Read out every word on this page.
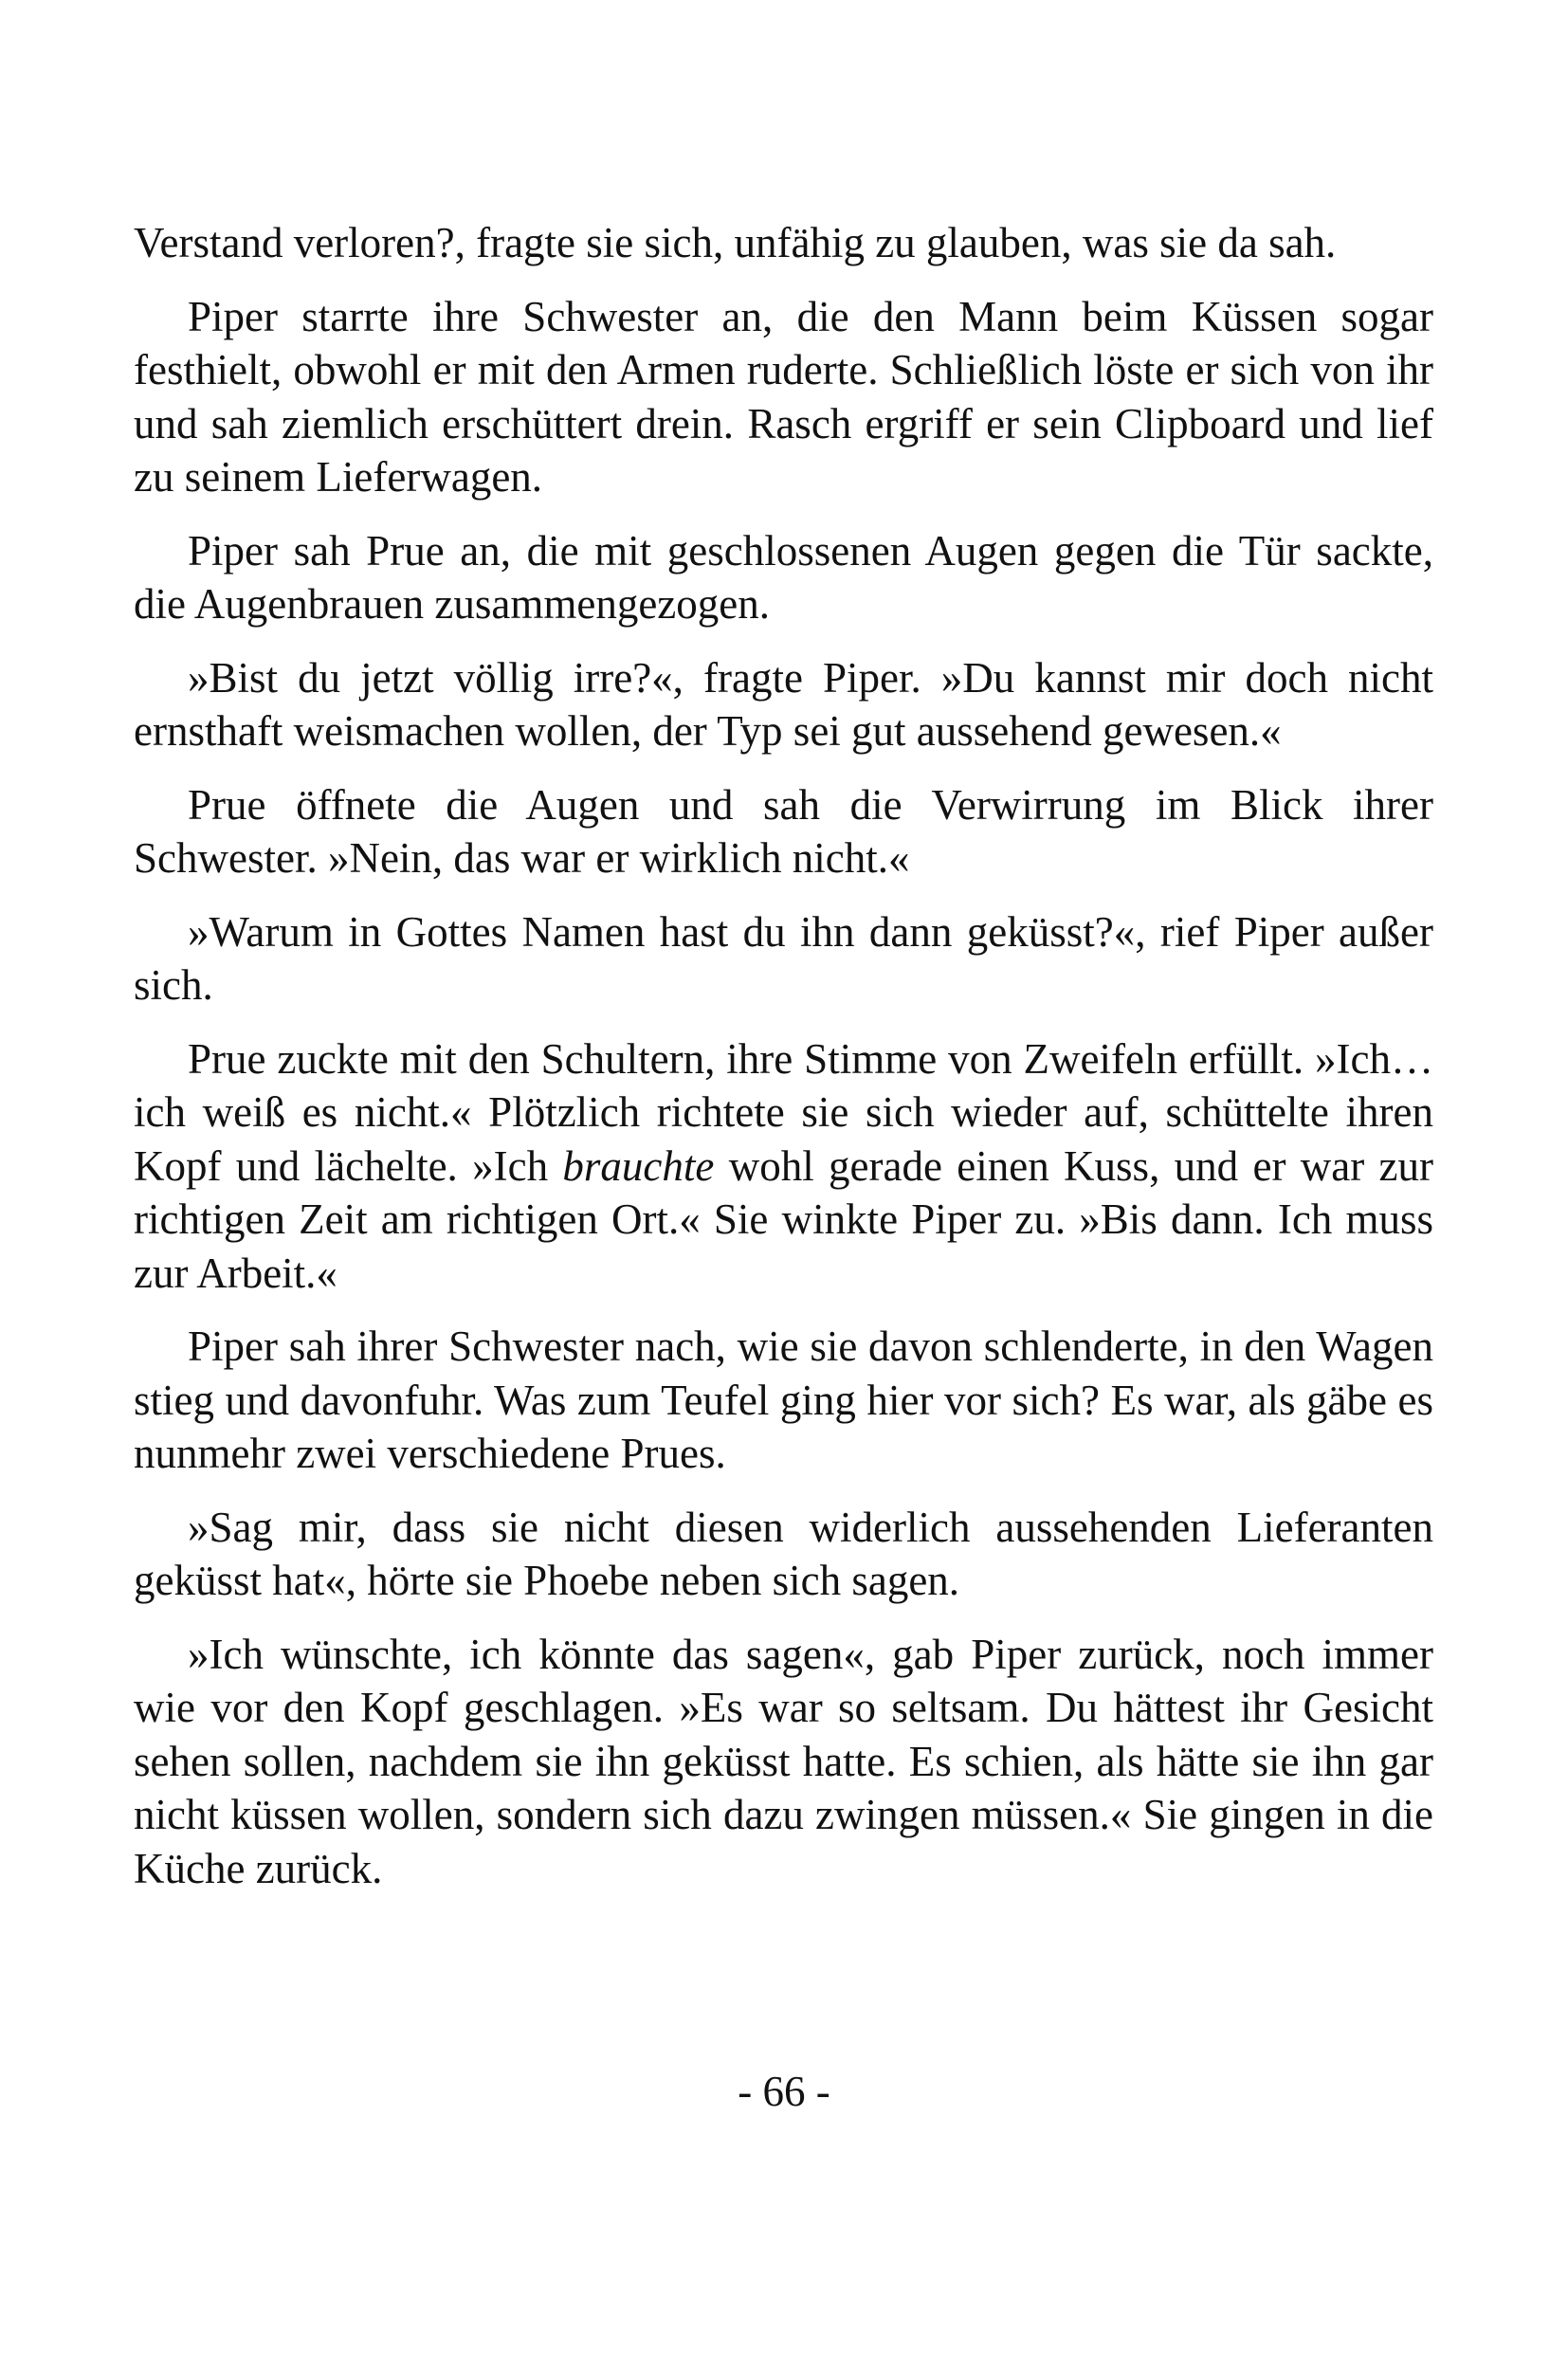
Verstand verloren?, fragte sie sich, unfähig zu glauben, was sie da sah.

Piper starrte ihre Schwester an, die den Mann beim Küssen sogar festhielt, obwohl er mit den Armen ruderte. Schließlich löste er sich von ihr und sah ziemlich erschüttert drein. Rasch ergriff er sein Clipboard und lief zu seinem Lieferwagen.

Piper sah Prue an, die mit geschlossenen Augen gegen die Tür sackte, die Augenbrauen zusammengezogen.

»Bist du jetzt völlig irre?«, fragte Piper. »Du kannst mir doch nicht ernsthaft weismachen wollen, der Typ sei gut aussehend gewesen.«

Prue öffnete die Augen und sah die Verwirrung im Blick ihrer Schwester. »Nein, das war er wirklich nicht.«

»Warum in Gottes Namen hast du ihn dann geküsst?«, rief Piper außer sich.

Prue zuckte mit den Schultern, ihre Stimme von Zweifeln erfüllt. »Ich… ich weiß es nicht.« Plötzlich richtete sie sich wieder auf, schüttelte ihren Kopf und lächelte. »Ich brauchte wohl gerade einen Kuss, und er war zur richtigen Zeit am richtigen Ort.« Sie winkte Piper zu. »Bis dann. Ich muss zur Arbeit.«

Piper sah ihrer Schwester nach, wie sie davon schlenderte, in den Wagen stieg und davonfuhr. Was zum Teufel ging hier vor sich? Es war, als gäbe es nunmehr zwei verschiedene Prues.

»Sag mir, dass sie nicht diesen widerlich aussehenden Lieferanten geküsst hat«, hörte sie Phoebe neben sich sagen.

»Ich wünschte, ich könnte das sagen«, gab Piper zurück, noch immer wie vor den Kopf geschlagen. »Es war so seltsam. Du hättest ihr Gesicht sehen sollen, nachdem sie ihn geküsst hatte. Es schien, als hätte sie ihn gar nicht küssen wollen, sondern sich dazu zwingen müssen.« Sie gingen in die Küche zurück.

- 66 -
